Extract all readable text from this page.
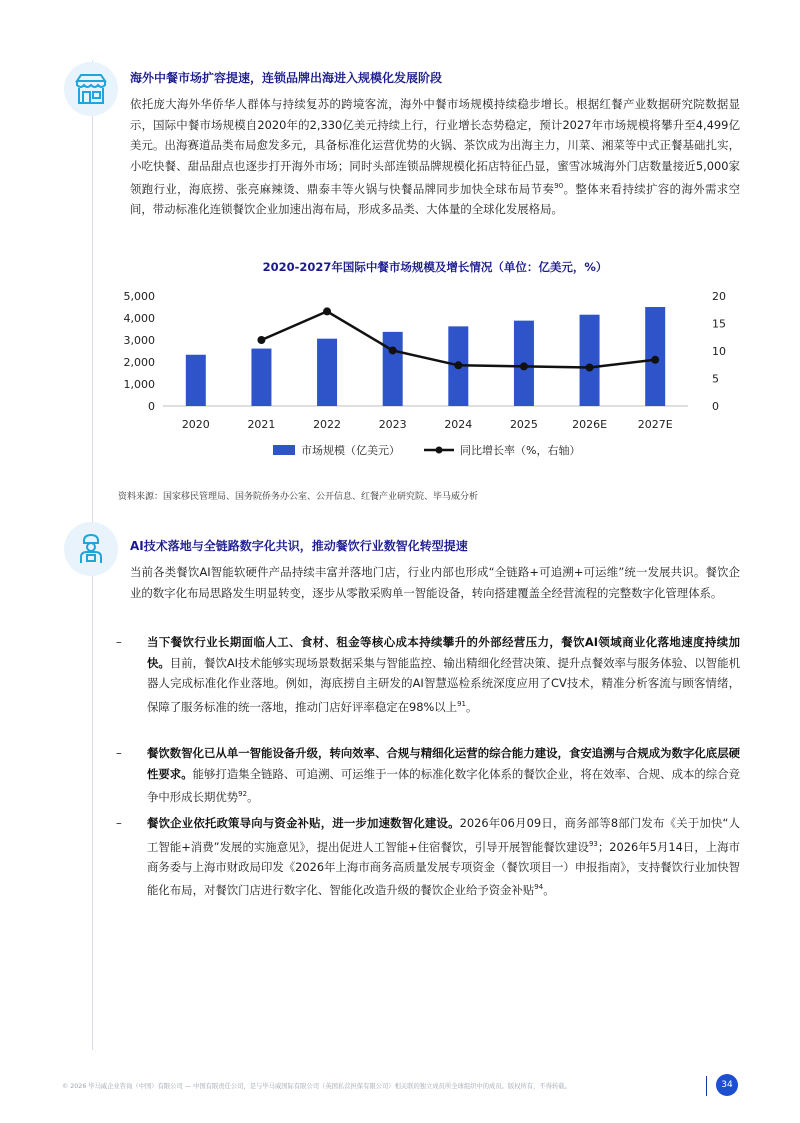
海外中餐市场扩容提速，连锁品牌出海进入规模化发展阶段
依托庞大海外华侨华人群体与持续复苏的跨境客流，海外中餐市场规模持续稳步增长。根据红餐产业数据研究院数据显示，国际中餐市场规模自2020年的2,330亿美元持续上行，行业增长态势稳定，预计2027年市场规模将攀升至4,499亿美元。出海赛道品类布局愈发多元，具备标准化运营优势的火锅、茶饮成为出海主力，川菜、湘菜等中式正餐基础扎实，小吃快餐、甜品甜点也逐步打开海外市场；同时头部连锁品牌规模化拓店特征凸显，蜜雪冰城海外门店数量接近5,000家领跑行业，海底捞、张亮麻辣烫、鼎泰丰等火锅与快餐品牌同步加快全球布局节奏$^{90}$。整体来看持续扩容的海外需求空间，带动标准化连锁餐饮企业加速出海布局，形成多品类、大体量的全球化发展格局。
2020-2027年国际中餐市场规模及增长情况（单位：亿美元，%）
0
1,000
2,000
3,000
4,000
5,000
0
5
10
15
20
2020	2021	2022	2023	2024	2025	2026E	2027E
市场规模（亿美元）	同比增长率（%，右轴）
资料来源：国家移民管理局、国务院侨务办公室、公开信息、红餐产业研究院、毕马威分析
AI技术落地与全链路数字化共识，推动餐饮行业数智化转型提速
当前各类餐饮AI智能软硬件产品持续丰富并落地门店，行业内部也形成“全链路+可追溯+可运维”统一发展共识。餐饮企业的数字化布局思路发生明显转变，逐步从零散采购单一智能设备，转向搭建覆盖全经营流程的完整数字化管理体系。
–	当下餐饮行业长期面临人工、食材、租金等核心成本持续攀升的外部经营压力，餐饮AI领域商业化落地速度持续加快。目前，餐饮AI技术能够实现场景数据采集与智能监控、输出精细化经营决策、提升点餐效率与服务体验、以智能机器人完成标准化作业落地。例如，海底捞自主研发的AI智慧巡检系统深度应用了CV技术，精准分析客流与顾客情绪，保障了服务标准的统一落地，推动门店好评率稳定在98%以上$^{91}$。
–	餐饮数智化已从单一智能设备升级，转向效率、合规与精细化运营的综合能力建设，食安追溯与合规成为数字化底层硬性要求。能够打造集全链路、可追溯、可运维于一体的标准化数字化体系的餐饮企业，将在效率、合规、成本的综合竞争中形成长期优势$^{92}$。
–	餐饮企业依托政策导向与资金补贴，进一步加速数智化建设。2026年06月09日，商务部等8部门发布《关于加快“人工智能+消费”发展的实施意见》，提出促进人工智能+住宿餐饮，引导开展智能餐饮建设$^{93}$；2026年5月14日，上海市商务委与上海市财政局印发《2026年上海市商务高质量发展专项资金（餐饮项目一）申报指南》，支持餐饮行业加快智能化布局，对餐饮门店进行数字化、智能化改造升级的餐饮企业给予资金补贴$^{94}$。
© 2026 毕马威企业咨询（中国）有限公司 — 中国有限责任公司，是与毕马威国际有限公司（英国私营担保有限公司）相关联的独立成员所全球组织中的成员。版权所有，不得转载。	34
